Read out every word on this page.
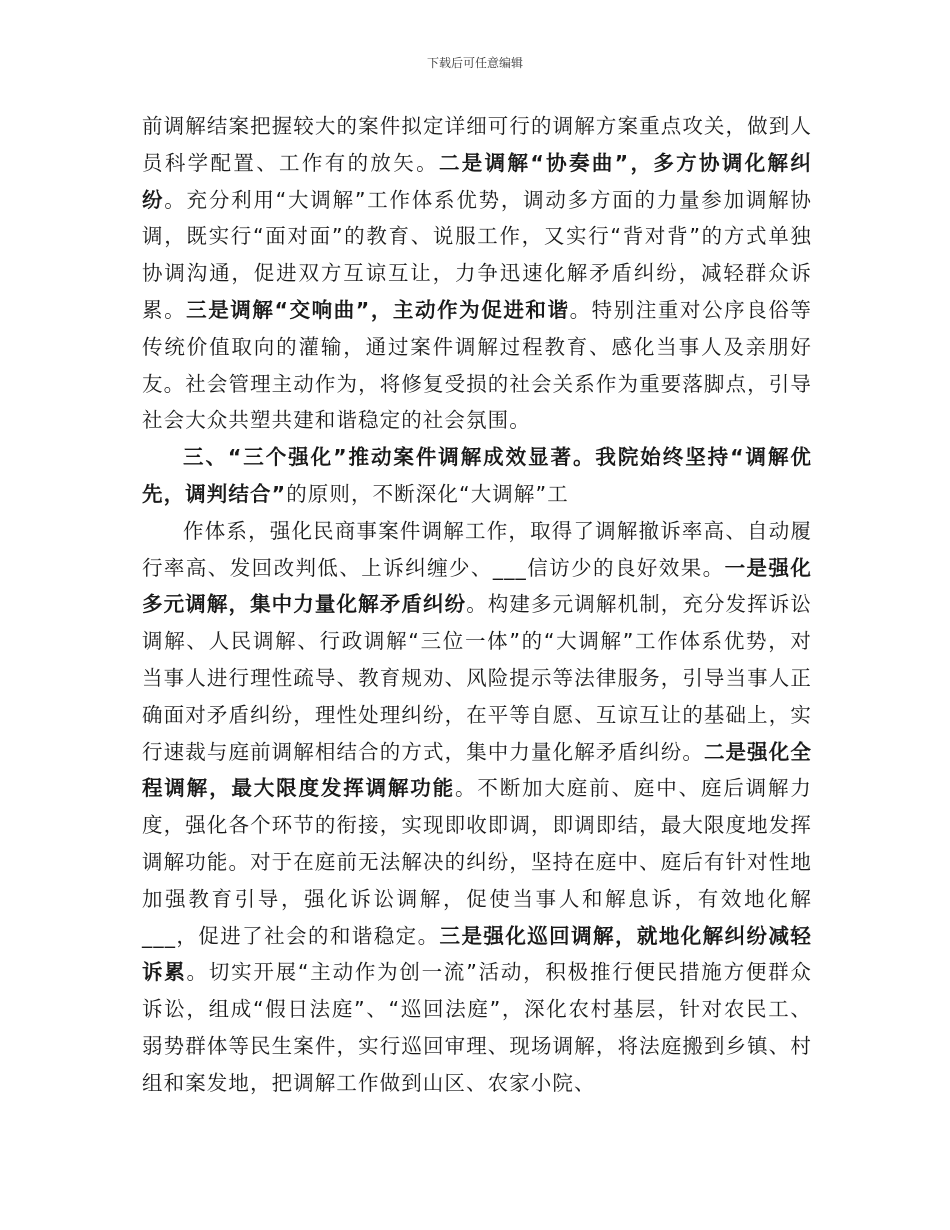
下载后可任意编辑

前调解结案把握较大的案件拟定详细可行的调解方案重点攻关，做到人员科学配置、工作有的放矢。二是调解“协奏曲”，多方协调化解纠纷。充分利用“大调解”工作体系优势，调动多方面的力量参加调解协调，既实行“面对面”的教育、说服工作，又实行“背对背”的方式单独协调沟通，促进双方互谅互让，力争迅速化解矛盾纠纷，减轻群众诉累。三是调解“交响曲”，主动作为促进和谐。特别注重对公序良俗等传统价值取向的灌输，通过案件调解过程教育、感化当事人及亲朋好友。社会管理主动作为，将修复受损的社会关系作为重要落脚点，引导社会大众共塑共建和谐稳定的社会氛围。

三、“三个强化”推动案件调解成效显著。我院始终坚持“调解优先，调判结合”的原则，不断深化“大调解”工

作体系，强化民商事案件调解工作，取得了调解撤诉率高、自动履行率高、发回改判低、上诉纠缠少、___信访少的良好效果。一是强化多元调解，集中力量化解矛盾纠纷。构建多元调解机制，充分发挥诉讼调解、人民调解、行政调解“三位一体”的“大调解”工作体系优势，对当事人进行理性疏导、教育规劝、风险提示等法律服务，引导当事人正确面对矛盾纠纷，理性处理纠纷，在平等自愿、互谅互让的基础上，实行速裁与庭前调解相结合的方式，集中力量化解矛盾纠纷。二是强化全程调解，最大限度发挥调解功能。不断加大庭前、庭中、庭后调解力度，强化各个环节的衔接，实现即收即调，即调即结，最大限度地发挥调解功能。对于在庭前无法解决的纠纷，坚持在庭中、庭后有针对性地加强教育引导，强化诉讼调解，促使当事人和解息诉，有效地化解___，促进了社会的和谐稳定。三是强化巡回调解，就地化解纠纷减轻诉累。切实开展“主动作为创一流”活动，积极推行便民措施方便群众诉讼，组成“假日法庭”、“巡回法庭”，深化农村基层，针对农民工、弱势群体等民生案件，实行巡回审理、现场调解，将法庭搬到乡镇、村组和案发地，把调解工作做到山区、农家小院、
